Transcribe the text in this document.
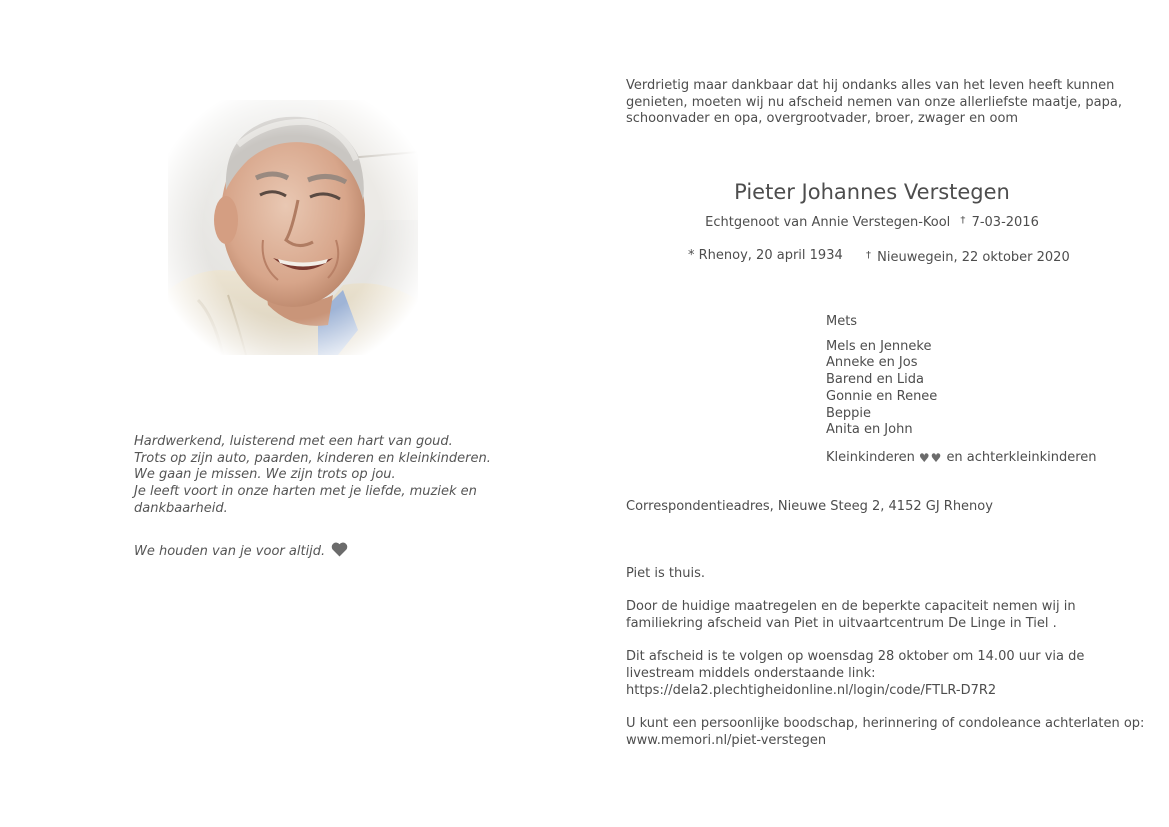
Hardwerkend, luisterend met een hart van goud.
Trots op zijn auto, paarden, kinderen en kleinkinderen.
We gaan je missen. We zijn trots op jou.
Je leeft voort in onze harten met je liefde, muziek en
dankbaarheid.
We houden van je voor altijd.
Verdrietig maar dankbaar dat hij ondanks alles van het leven heeft kunnen
genieten, moeten wij nu afscheid nemen van onze allerliefste maatje, papa,
schoonvader en opa, overgrootvader, broer, zwager en oom
Pieter Johannes Verstegen
Echtgenoot van Annie Verstegen-Kool † 7-03-2016
* Rhenoy, 20 april 1934 † Nieuwegein, 22 oktober 2020
Mets
Mels en Jenneke
Anneke en Jos
Barend en Lida
Gonnie en Renee
Beppie
Anita en John
Kleinkinderen ♥♥ en achterkleinkinderen
Correspondentieadres, Nieuwe Steeg 2, 4152 GJ Rhenoy
Piet is thuis.
Door de huidige maatregelen en de beperkte capaciteit nemen wij in
familiekring afscheid van Piet in uitvaartcentrum De Linge in Tiel .
Dit afscheid is te volgen op woensdag 28 oktober om 14.00 uur via de
livestream middels onderstaande link:
https://dela2.plechtigheidonline.nl/login/code/FTLR-D7R2
U kunt een persoonlijke boodschap, herinnering of condoleance achterlaten op:
www.memori.nl/piet-verstegen
